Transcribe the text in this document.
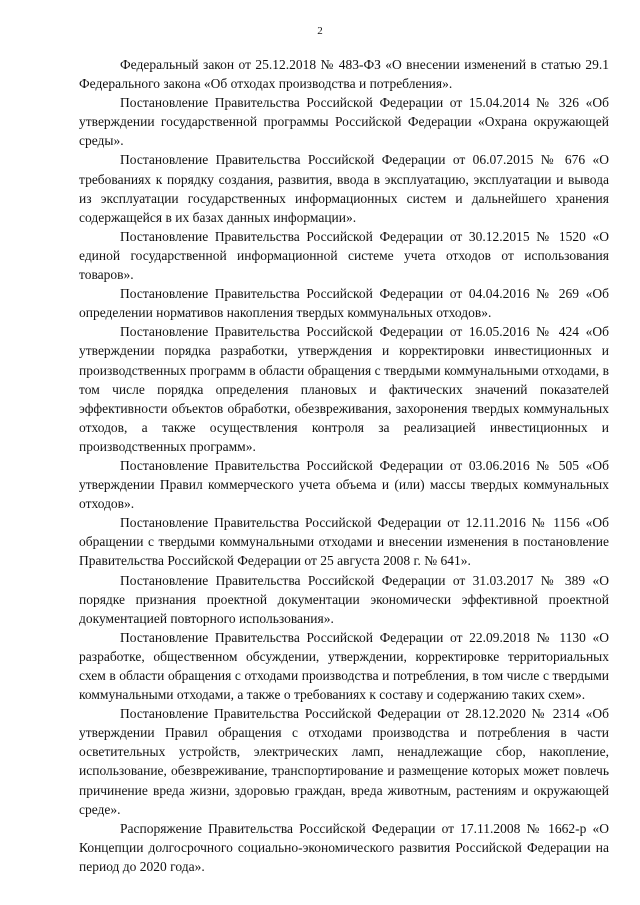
2

Федеральный закон от 25.12.2018 № 483-ФЗ «О внесении изменений в статью 29.1 Федерального закона «Об отходах производства и потребления».

Постановление Правительства Российской Федерации от 15.04.2014 № 326 «Об утверждении государственной программы Российской Федерации «Охрана окружающей среды».

Постановление Правительства Российской Федерации от 06.07.2015 № 676 «О требованиях к порядку создания, развития, ввода в эксплуатацию, эксплуатации и вывода из эксплуатации государственных информационных систем и дальнейшего хранения содержащейся в их базах данных информации».

Постановление Правительства Российской Федерации от 30.12.2015 № 1520 «О единой государственной информационной системе учета отходов от использования товаров».

Постановление Правительства Российской Федерации от 04.04.2016 № 269 «Об определении нормативов накопления твердых коммунальных отходов».

Постановление Правительства Российской Федерации от 16.05.2016 № 424 «Об утверждении порядка разработки, утверждения и корректировки инвестиционных и производственных программ в области обращения с твердыми коммунальными отходами, в том числе порядка определения плановых и фактических значений показателей эффективности объектов обработки, обезвреживания, захоронения твердых коммунальных отходов, а также осуществления контроля за реализацией инвестиционных и производственных программ».

Постановление Правительства Российской Федерации от 03.06.2016 № 505 «Об утверждении Правил коммерческого учета объема и (или) массы твердых коммунальных отходов».

Постановление Правительства Российской Федерации от 12.11.2016 № 1156 «Об обращении с твердыми коммунальными отходами и внесении изменения в постановление Правительства Российской Федерации от 25 августа 2008 г. № 641».

Постановление Правительства Российской Федерации от 31.03.2017 № 389 «О порядке признания проектной документации экономически эффективной проектной документацией повторного использования».

Постановление Правительства Российской Федерации от 22.09.2018 № 1130 «О разработке, общественном обсуждении, утверждении, корректировке территориальных схем в области обращения с отходами производства и потребления, в том числе с твердыми коммунальными отходами, а также о требованиях к составу и содержанию таких схем».

Постановление Правительства Российской Федерации от 28.12.2020 № 2314 «Об утверждении Правил обращения с отходами производства и потребления в части осветительных устройств, электрических ламп, ненадлежащие сбор, накопление, использование, обезвреживание, транспортирование и размещение которых может повлечь причинение вреда жизни, здоровью граждан, вреда животным, растениям и окружающей среде».

Распоряжение Правительства Российской Федерации от 17.11.2008 № 1662-р «О Концепции долгосрочного социально-экономического развития Российской Федерации на период до 2020 года».
